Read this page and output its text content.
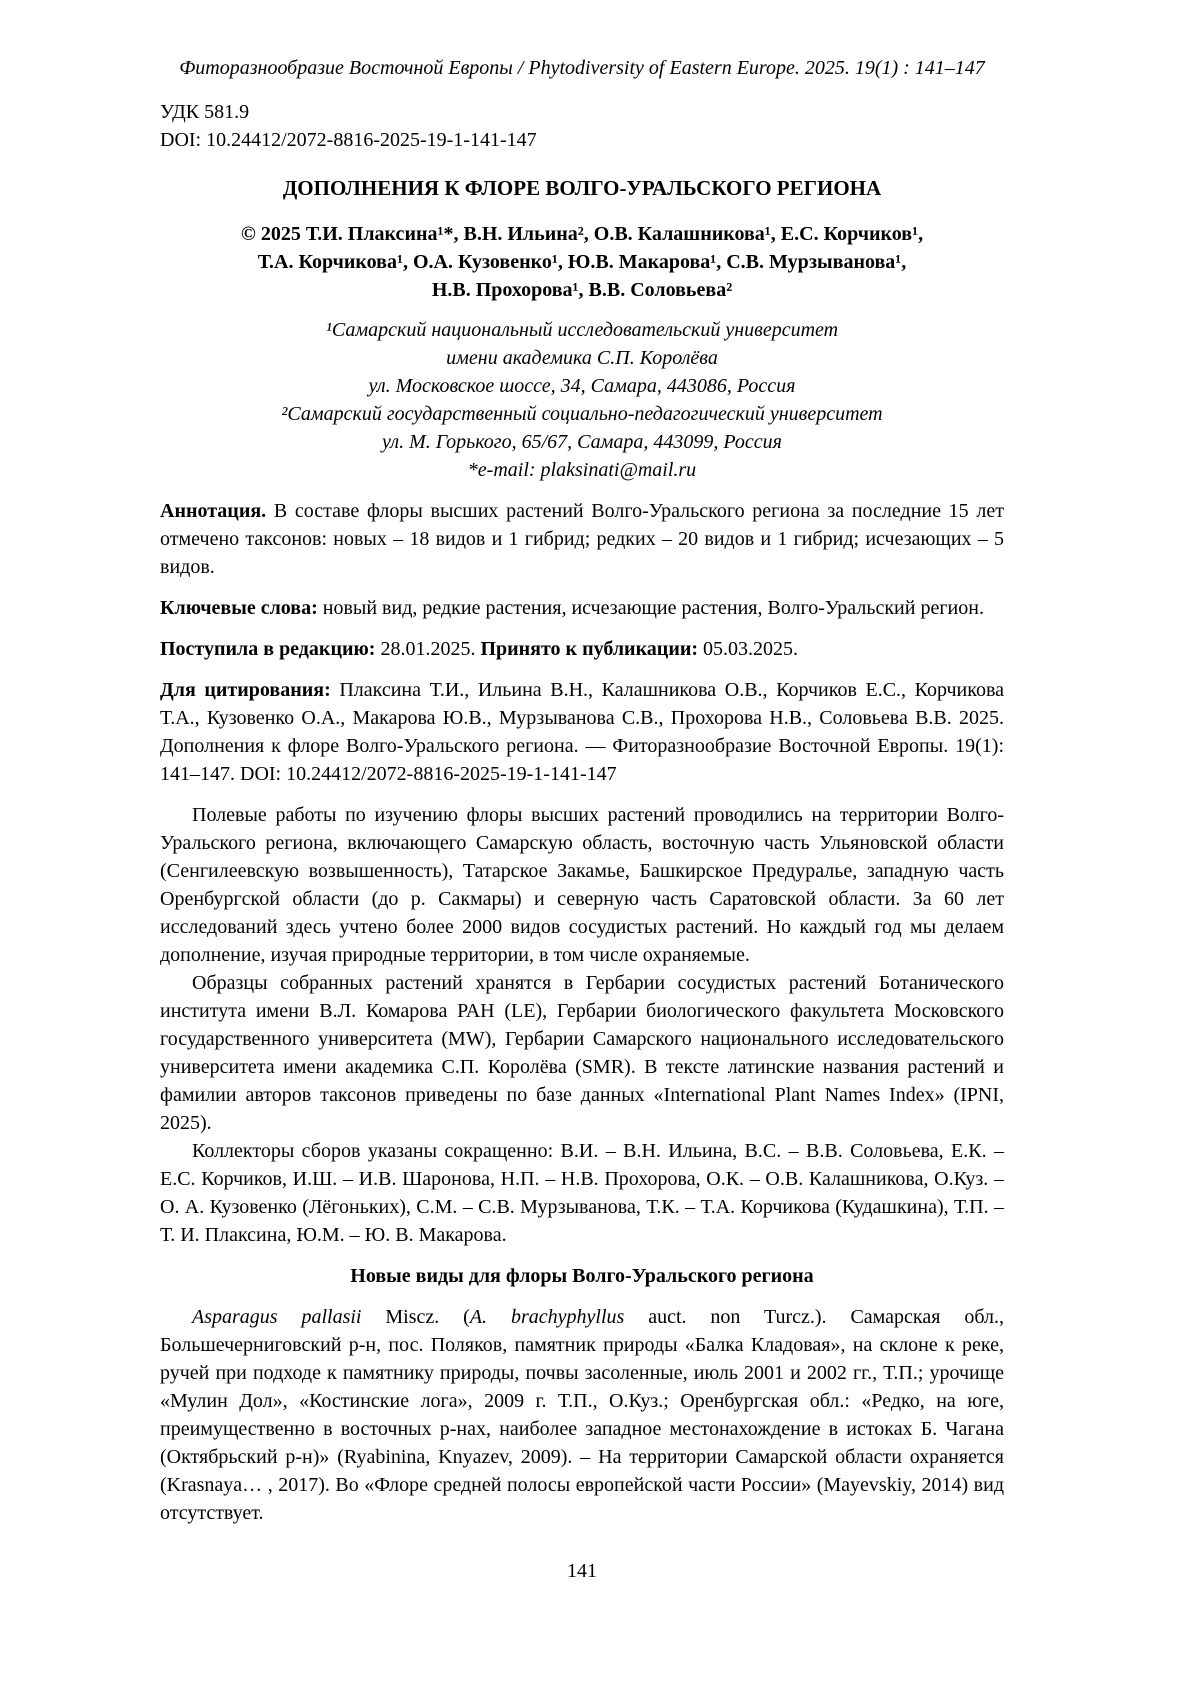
Фиторазнообразие Восточной Европы / Phytodiversity of Eastern Europe. 2025. 19(1) : 141–147
УДК 581.9
DOI: 10.24412/2072-8816-2025-19-1-141-147
ДОПОЛНЕНИЯ К ФЛОРЕ ВОЛГО-УРАЛЬСКОГО РЕГИОНА
© 2025 Т.И. Плаксина¹*, В.Н. Ильина², О.В. Калашникова¹, Е.С. Корчиков¹,
Т.А. Корчикова¹, О.А. Кузовенко¹, Ю.В. Макарова¹, С.В. Мурзыванова¹,
Н.В. Прохорова¹, В.В. Соловьева²
¹Самарский национальный исследовательский университет
имени академика С.П. Королёва
ул. Московское шоссе, 34, Самара, 443086, Россия
²Самарский государственный социально-педагогический университет
ул. М. Горького, 65/67, Самара, 443099, Россия
*e-mail: plaksinati@mail.ru

Аннотация. В составе флоры высших растений Волго-Уральского региона за последние 15 лет отмечено таксонов: новых – 18 видов и 1 гибрид; редких – 20 видов и 1 гибрид; исчезающих – 5 видов.

Ключевые слова: новый вид, редкие растения, исчезающие растения, Волго-Уральский регион.

Поступила в редакцию: 28.01.2025. Принято к публикации: 05.03.2025.

Для цитирования: Плаксина Т.И., Ильина В.Н., Калашникова О.В., Корчиков Е.С., Корчикова Т.А., Кузовенко О.А., Макарова Ю.В., Мурзыванова С.В., Прохорова Н.В., Соловьева В.В. 2025. Дополнения к флоре Волго-Уральского региона. — Фиторазнообразие Восточной Европы. 19(1): 141–147. DOI: 10.24412/2072-8816-2025-19-1-141-147

Полевые работы по изучению флоры высших растений проводились на территории Волго-Уральского региона, включающего Самарскую область, восточную часть Ульяновской области (Сенгилеевскую возвышенность), Татарское Закамье, Башкирское Предуралье, западную часть Оренбургской области (до р. Сакмары) и северную часть Саратовской области. За 60 лет исследований здесь учтено более 2000 видов сосудистых растений. Но каждый год мы делаем дополнение, изучая природные территории, в том числе охраняемые.

Образцы собранных растений хранятся в Гербарии сосудистых растений Ботанического института имени В.Л. Комарова РАН (LE), Гербарии биологического факультета Московского государственного университета (MW), Гербарии Самарского национального исследовательского университета имени академика С.П. Королёва (SMR). В тексте латинские названия растений и фамилии авторов таксонов приведены по базе данных «International Plant Names Index» (IPNI, 2025).

Коллекторы сборов указаны сокращенно: В.И. – В.Н. Ильина, В.С. – В.В. Соловьева, Е.К. – Е.С. Корчиков, И.Ш. – И.В. Шаронова, Н.П. – Н.В. Прохорова, О.К. – О.В. Калашникова, О.Куз. – О. А. Кузовенко (Лёгоньких), С.М. – С.В. Мурзыванова, Т.К. – Т.А. Корчикова (Кудашкина), Т.П. – Т. И. Плаксина, Ю.М. – Ю. В. Макарова.

Новые виды для флоры Волго-Уральского региона

Asparagus pallasii Miscz. (A. brachyphyllus auct. non Turcz.). Самарская обл., Большечерниговский р-н, пос. Поляков, памятник природы «Балка Кладовая», на склоне к реке, ручей при подходе к памятнику природы, почвы засоленные, июль 2001 и 2002 гг., Т.П.; урочище «Мулин Дол», «Костинские лога», 2009 г. Т.П., О.Куз.; Оренбургская обл.: «Редко, на юге, преимущественно в восточных р-нах, наиболее западное местонахождение в истоках Б. Чагана (Октябрьский р-н)» (Ryabinina, Knyazev, 2009). – На территории Самарской области охраняется (Krasnaya… , 2017). Во «Флоре средней полосы европейской части России» (Mayevskiy, 2014) вид отсутствует.

141
